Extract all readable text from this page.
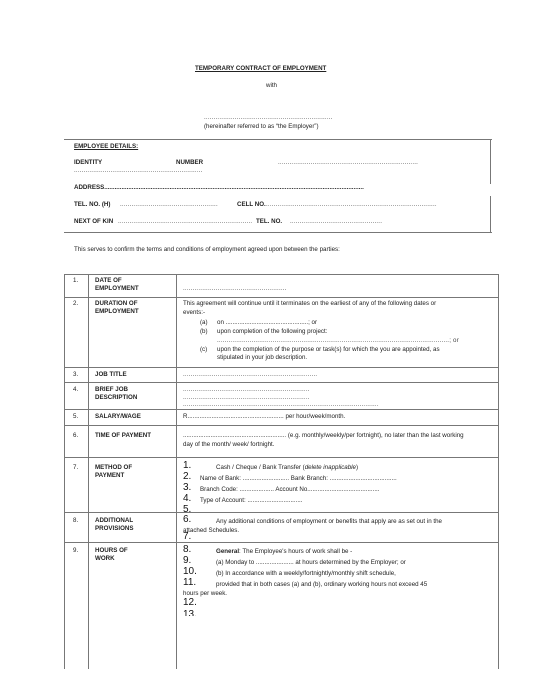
TEMPORARY CONTRACT OF EMPLOYMENT
with
...................................................................
(hereinafter referred to as “the Employer”)
EMPLOYEE DETAILS:
IDENTITY	NUMBER	.........................................................................
...................................................................
ADDRESS.......................................................................................................................................................
TEL. NO. (H) ...................................................	CELL NO. .........................................................................................
NEXT OF KIN ...................................................................... TEL. NO. ................................................
This serves to confirm the terms and conditions of employment agreed upon between the parties:
1.	DATE OF
EMPLOYMENT	......................................................
2.	DURATION OF
EMPLOYMENT
This agreement will continue until it terminates on the earliest of any of the following dates or
events:-
(a) on ................................................; or
(b) upon completion of the following project:
.........................................................................................................................; or
(c) upon the completion of the purpose or task(s) for which the you are appointed, as
stipulated in your job description.
3.	JOB TITLE	......................................................................
4.	BRIEF JOB
DESCRIPTION
..................................................................
..................................................................
......................................................................................................
5.	SALARY/WAGE	R........................................................ per hour/week/month.
6.	TIME OF PAYMENT	............................................................ (e.g. monthly/weekly/per fortnight), no later than the last working
day of the month/ week/ fortnight.
7.	METHOD OF
PAYMENT
1.	Cash / Cheque / Bank Transfer (delete inapplicable)
2. Name of Bank: ........................... Bank Branch: .......................................
3. Branch Code: .................... Account No..........................................
4. Type of Account: ................................
5.
8.	ADDITIONAL
PROVISIONS
6.	Any additional conditions of employment or benefits that apply are as set out in the
attached Schedules.
7.
9.	HOURS OF
WORK
8.	General: The Employee's hours of work shall be -
9.	(a) Monday to ...................... at hours determined by the Employer; or
10.	(b) In accordance with a weekly/fortnightly/monthly shift schedule,
11.	provided that in both cases (a) and (b), ordinary working hours not exceed 45
hours per week.
12.
13.
